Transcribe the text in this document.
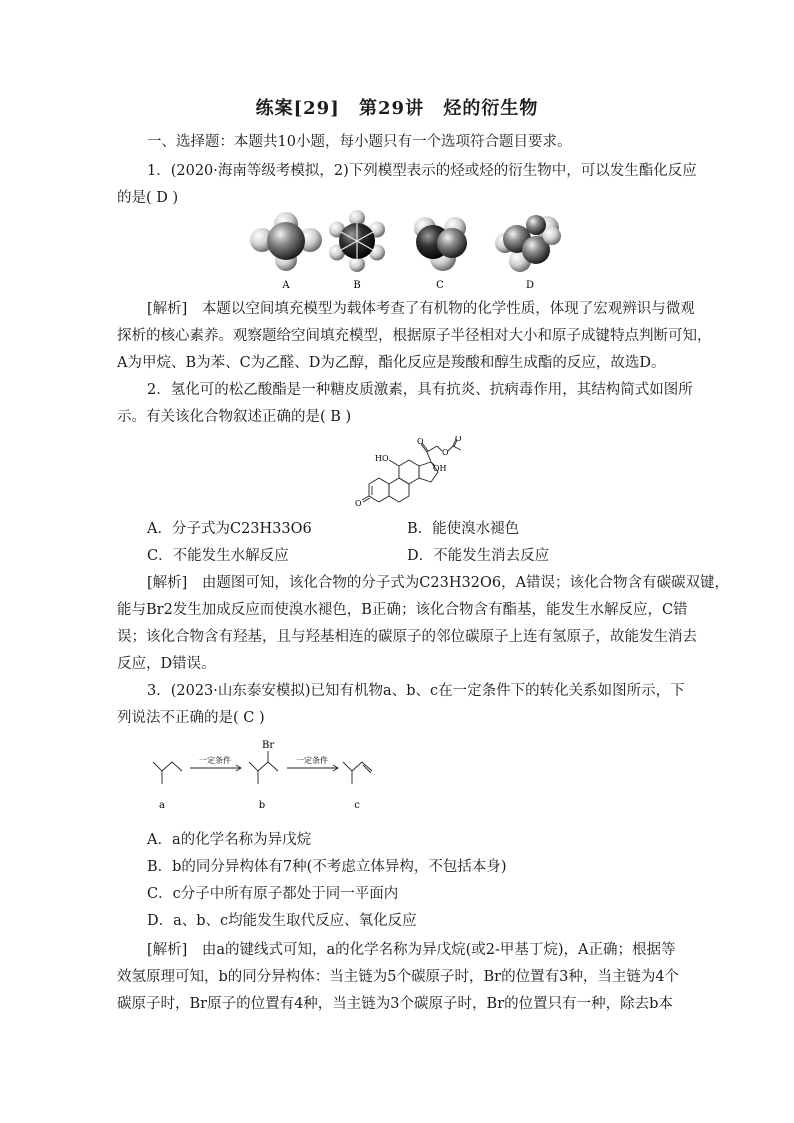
练案[29] 第29讲 烃的衍生物

一、选择题：本题共10小题，每小题只有一个选项符合题目要求。

1．(2020·海南等级考模拟，2)下列模型表示的烃或烃的衍生物中，可以发生酯化反应

的是( D )

A	B	C	D

[解析]　本题以空间填充模型为载体考查了有机物的化学性质，体现了宏观辨识与微观

探析的核心素养。观察题给空间填充模型，根据原子半径相对大小和原子成键特点判断可知，

A为甲烷、B为苯、C为乙醛、D为乙醇，酯化反应是羧酸和醇生成酯的反应，故选D。

2．氢化可的松乙酸酯是一种糖皮质激素，具有抗炎、抗病毒作用，其结构简式如图所

示。有关该化合物叙述正确的是( B )

O
O
O
HO
OH
O

A．分子式为C23H33O6	B．能使溴水褪色

C．不能发生水解反应	D．不能发生消去反应

[解析]　由题图可知，该化合物的分子式为C23H32O6，A错误；该化合物含有碳碳双键，

能与Br2发生加成反应而使溴水褪色，B正确；该化合物含有酯基，能发生水解反应，C错

误；该化合物含有羟基，且与羟基相连的碳原子的邻位碳原子上连有氢原子，故能发生消去

反应，D错误。

3．(2023·山东泰安模拟)已知有机物a、b、c在一定条件下的转化关系如图所示，下

列说法不正确的是( C )

一定条件	一定条件
Br
a	b	c

A．a的化学名称为异戊烷

B．b的同分异构体有7种(不考虑立体异构，不包括本身)

C．c分子中所有原子都处于同一平面内

D．a、b、c均能发生取代反应、氧化反应

[解析]　由a的键线式可知，a的化学名称为异戊烷(或2-甲基丁烷)，A正确；根据等

效氢原理可知，b的同分异构体：当主链为5个碳原子时，Br的位置有3种，当主链为4个

碳原子时，Br原子的位置有4种，当主链为3个碳原子时，Br的位置只有一种，除去b本
